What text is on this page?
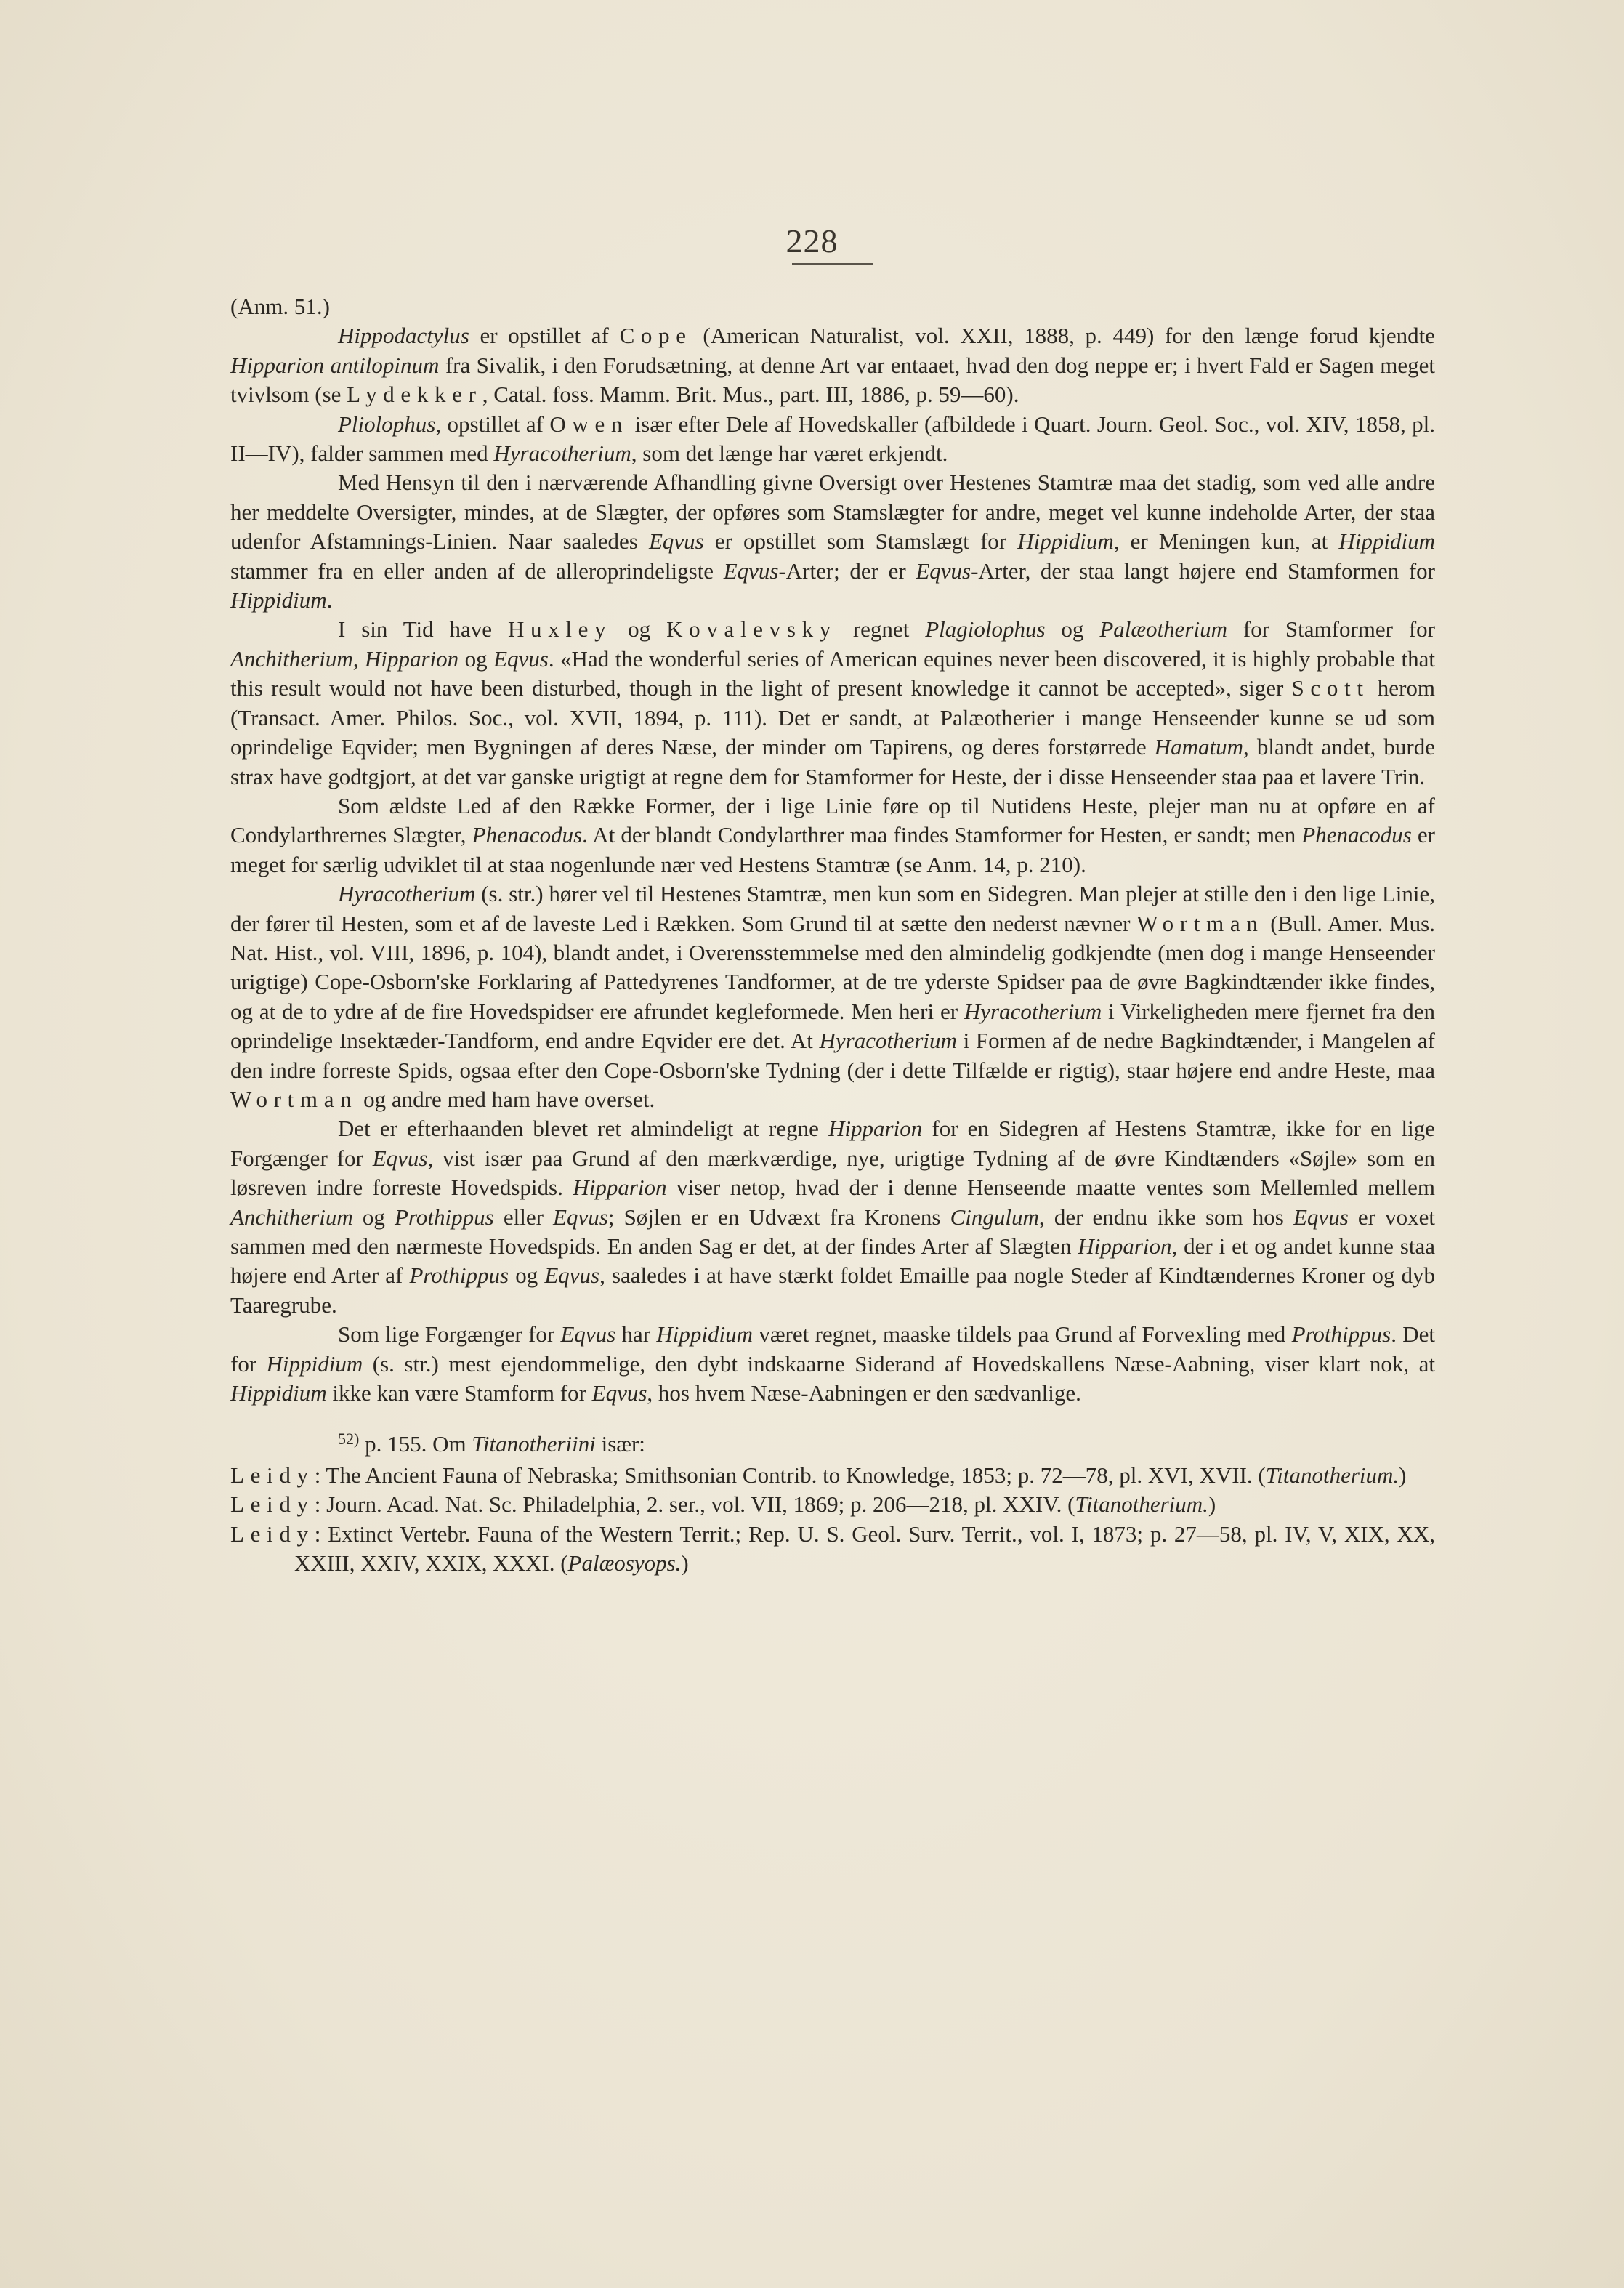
228

(Anm. 51.)

Hippodactylus er opstillet af Cope (American Naturalist, vol. XXII, 1888, p. 449) for den længe forud kjendte Hipparion antilopinum fra Sivalik, i den Forudsætning, at denne Art var entaaet, hvad den dog neppe er; i hvert Fald er Sagen meget tvivlsom (se Lydekker, Catal. foss. Mamm. Brit. Mus., part. III, 1886, p. 59—60).

Pliolophus, opstillet af Owen især efter Dele af Hovedskaller (afbildede i Quart. Journ. Geol. Soc., vol. XIV, 1858, pl. II—IV), falder sammen med Hyracotherium, som det længe har været erkjendt.

Med Hensyn til den i nærværende Afhandling givne Oversigt over Hestenes Stamtræ maa det stadig, som ved alle andre her meddelte Oversigter, mindes, at de Slægter, der opføres som Stamslægter for andre, meget vel kunne indeholde Arter, der staa udenfor Afstamnings-Linien. Naar saaledes Eqvus er opstillet som Stamslægt for Hippidium, er Meningen kun, at Hippidium stammer fra en eller anden af de alleroprindeligste Eqvus-Arter; der er Eqvus-Arter, der staa langt højere end Stamformen for Hippidium.

I sin Tid have Huxley og Kovalevsky regnet Plagiolophus og Palæotherium for Stamformer for Anchitherium, Hipparion og Eqvus. «Had the wonderful series of American equines never been discovered, it is highly probable that this result would not have been disturbed, though in the light of present knowledge it cannot be accepted», siger Scott herom (Transact. Amer. Philos. Soc., vol. XVII, 1894, p. 111). Det er sandt, at Palæotherier i mange Henseender kunne se ud som oprindelige Eqvider; men Bygningen af deres Næse, der minder om Tapirens, og deres forstørrede Hamatum, blandt andet, burde strax have godtgjort, at det var ganske urigtigt at regne dem for Stamformer for Heste, der i disse Henseender staa paa et lavere Trin.

Som ældste Led af den Række Former, der i lige Linie føre op til Nutidens Heste, plejer man nu at opføre en af Condylarthrernes Slægter, Phenacodus. At der blandt Condylarthrer maa findes Stamformer for Hesten, er sandt; men Phenacodus er meget for særlig udviklet til at staa nogenlunde nær ved Hestens Stamtræ (se Anm. 14, p. 210).

Hyracotherium (s. str.) hører vel til Hestenes Stamtræ, men kun som en Sidegren. Man plejer at stille den i den lige Linie, der fører til Hesten, som et af de laveste Led i Rækken. Som Grund til at sætte den nederst nævner Wortman (Bull. Amer. Mus. Nat. Hist., vol. VIII, 1896, p. 104), blandt andet, i Overensstemmelse med den almindelig godkjendte (men dog i mange Henseender urigtige) Cope-Osborn'ske Forklaring af Pattedyrenes Tandformer, at de tre yderste Spidser paa de øvre Bagkindtænder ikke findes, og at de to ydre af de fire Hovedspidser ere afrundet kegleformede. Men heri er Hyracotherium i Virkeligheden mere fjernet fra den oprindelige Insektæder-Tandform, end andre Eqvider ere det. At Hyracotherium i Formen af de nedre Bagkindtænder, i Mangelen af den indre forreste Spids, ogsaa efter den Cope-Osborn'ske Tydning (der i dette Tilfælde er rigtig), staar højere end andre Heste, maa Wortman og andre med ham have overset.

Det er efterhaanden blevet ret almindeligt at regne Hipparion for en Sidegren af Hestens Stamtræ, ikke for en lige Forgænger for Eqvus, vist især paa Grund af den mærkværdige, nye, urigtige Tydning af de øvre Kindtænders «Søjle» som en løsreven indre forreste Hovedspids. Hipparion viser netop, hvad der i denne Henseende maatte ventes som Mellemled mellem Anchitherium og Prothippus eller Eqvus; Søjlen er en Udvæxt fra Kronens Cingulum, der endnu ikke som hos Eqvus er voxet sammen med den nærmeste Hovedspids. En anden Sag er det, at der findes Arter af Slægten Hipparion, der i et og andet kunne staa højere end Arter af Prothippus og Eqvus, saaledes i at have stærkt foldet Emaille paa nogle Steder af Kindtændernes Kroner og dyb Taaregrube.

Som lige Forgænger for Eqvus har Hippidium været regnet, maaske tildels paa Grund af Forvexling med Prothippus. Det for Hippidium (s. str.) mest ejendommelige, den dybt indskaarne Siderand af Hovedskallens Næse-Aabning, viser klart nok, at Hippidium ikke kan være Stamform for Eqvus, hos hvem Næse-Aabningen er den sædvanlige.

$^{52)}$ p. 155. Om Titanotheriini især:

Leidy: The Ancient Fauna of Nebraska; Smithsonian Contrib. to Knowledge, 1853; p. 72—78, pl. XVI, XVII. (Titanotherium.)

Leidy: Journ. Acad. Nat. Sc. Philadelphia, 2. ser., vol. VII, 1869; p. 206—218, pl. XXIV. (Titanotherium.)

Leidy: Extinct Vertebr. Fauna of the Western Territ.; Rep. U. S. Geol. Surv. Territ., vol. I, 1873; p. 27—58, pl. IV, V, XIX, XX, XXIII, XXIV, XXIX, XXXI. (Palæosyops.)
